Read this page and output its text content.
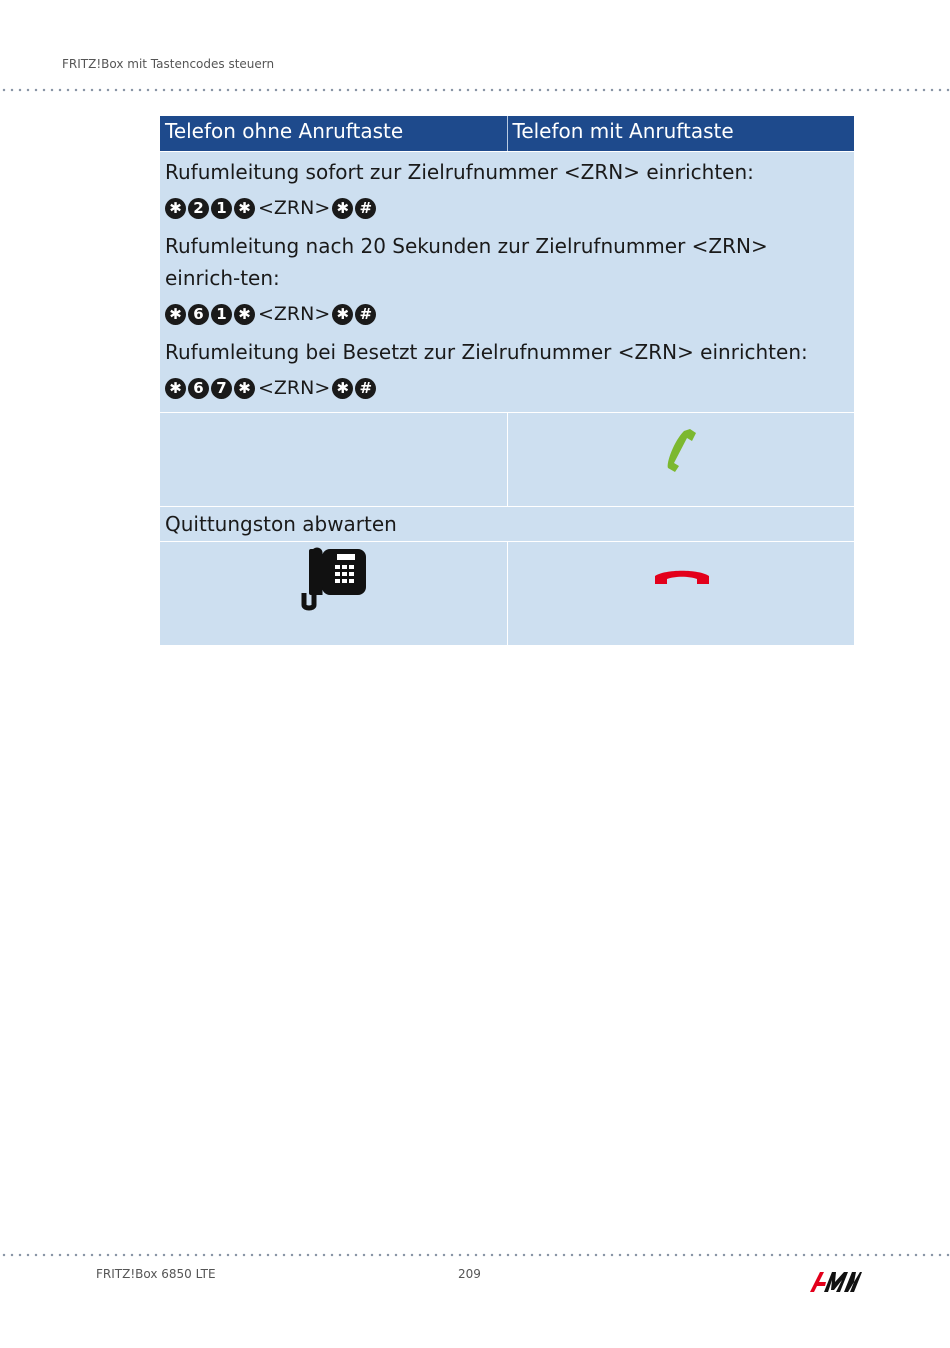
FRITZ!Box mit Tastencodes steuern
Telefon ohne Anruftaste	Telefon mit Anruftaste

Rufumleitung sofort zur Zielrufnummer <ZRN> einrichten:

✱ 2 1 ✱ <ZRN> ✱ #

Rufumleitung nach 20 Sekunden zur Zielrufnummer <ZRN> einrich-ten:

✱ 6 1 ✱ <ZRN> ✱ #

Rufumleitung bei Besetzt zur Zielrufnummer <ZRN> einrichten:

✱ 6 7 ✱ <ZRN> ✱ #
Quittungston abwarten
FRITZ!Box 6850 LTE	209
